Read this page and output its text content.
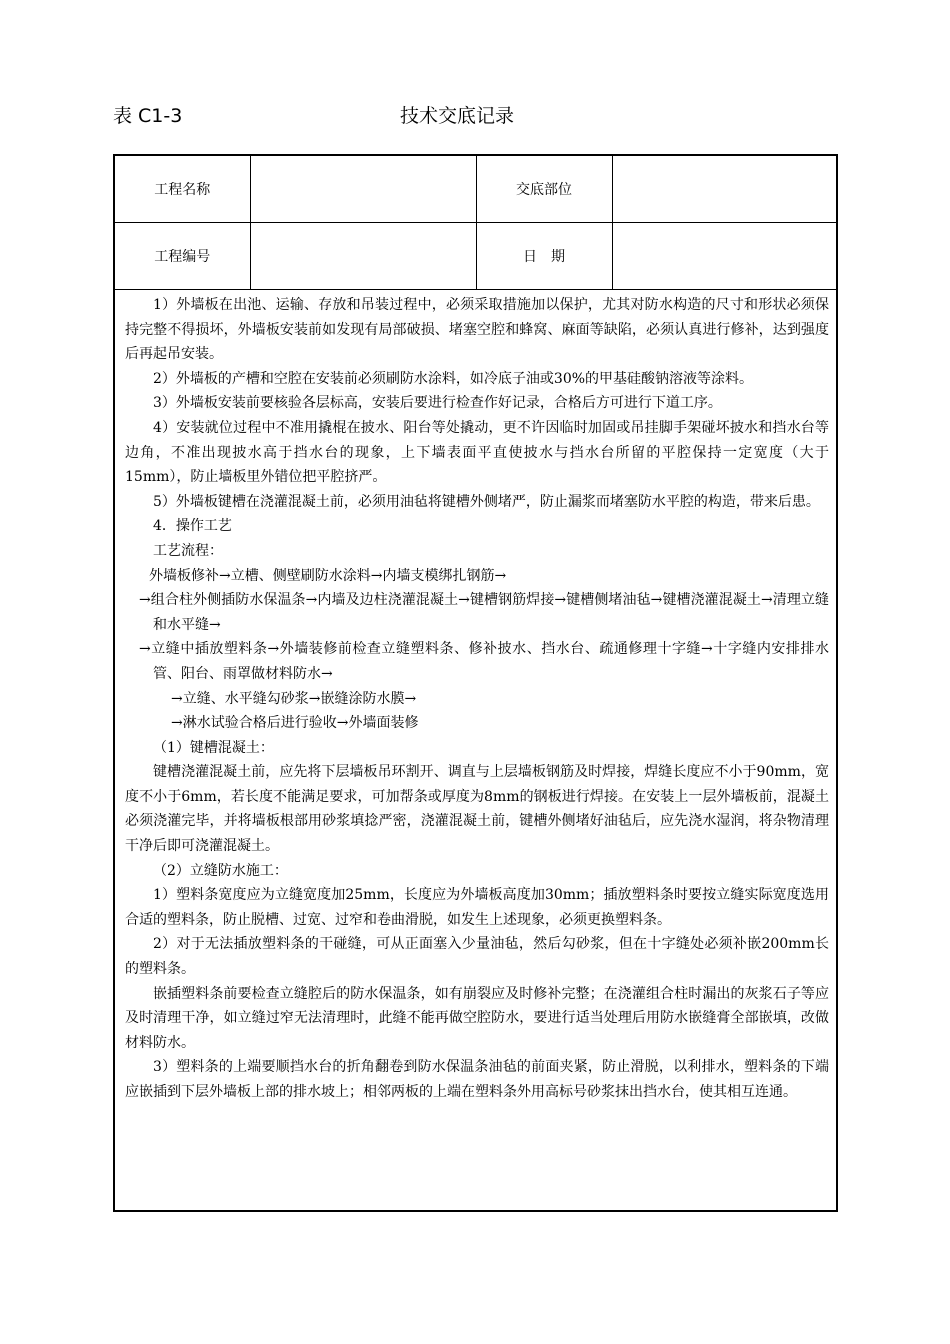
表 C1-3	技术交底记录
工程名称		交底部位	
工程编号		日　期	

1）外墙板在出池、运输、存放和吊装过程中，必须采取措施加以保护，尤其对防水构造的尺寸和形状必须保持完整不得损坏，外墙板安装前如发现有局部破损、堵塞空腔和蜂窝、麻面等缺陷，必须认真进行修补，达到强度后再起吊安装。

2）外墙板的产槽和空腔在安装前必须刷防水涂料，如冷底子油或30%的甲基硅酸钠溶液等涂料。

3）外墙板安装前要核验各层标高，安装后要进行检查作好记录，合格后方可进行下道工序。

4）安装就位过程中不准用撬棍在披水、阳台等处撬动，更不许因临时加固或吊挂脚手架碰坏披水和挡水台等边角，不准出现披水高于挡水台的现象，上下墙表面平直使披水与挡水台所留的平腔保持一定宽度（大于15mm），防止墙板里外错位把平腔挤严。

5）外墙板键槽在浇灌混凝土前，必须用油毡将键槽外侧堵严，防止漏浆而堵塞防水平腔的构造，带来后患。

4．操作工艺

工艺流程：

外墙板修补→立槽、侧壁刷防水涂料→内墙支模绑扎钢筋→

→组合柱外侧插防水保温条→内墙及边柱浇灌混凝土→键槽钢筋焊接→键槽侧堵油毡→键槽浇灌混凝土→清理立缝和水平缝→

→立缝中插放塑料条→外墙装修前检查立缝塑料条、修补披水、挡水台、疏通修理十字缝→十字缝内安排排水管、阳台、雨罩做材料防水→

→立缝、水平缝勾砂浆→嵌缝涂防水膜→

→淋水试验合格后进行验收→外墙面装修

（1）键槽混凝土：

键槽浇灌混凝土前，应先将下层墙板吊环割开、调直与上层墙板钢筋及时焊接，焊缝长度应不小于90mm，宽度不小于6mm，若长度不能满足要求，可加帮条或厚度为8mm的钢板进行焊接。在安装上一层外墙板前，混凝土必须浇灌完毕，并将墙板根部用砂浆填捻严密，浇灌混凝土前，键槽外侧堵好油毡后，应先浇水湿润，将杂物清理干净后即可浇灌混凝土。

（2）立缝防水施工：

1）塑料条宽度应为立缝宽度加25mm，长度应为外墙板高度加30mm；插放塑料条时要按立缝实际宽度选用合适的塑料条，防止脱槽、过宽、过窄和卷曲滑脱，如发生上述现象，必须更换塑料条。

2）对于无法插放塑料条的干碰缝，可从正面塞入少量油毡，然后勾砂浆，但在十字缝处必须补嵌200mm长的塑料条。

嵌插塑料条前要检查立缝腔后的防水保温条，如有崩裂应及时修补完整；在浇灌组合柱时漏出的灰浆石子等应及时清理干净，如立缝过窄无法清理时，此缝不能再做空腔防水，要进行适当处理后用防水嵌缝膏全部嵌填，改做材料防水。

3）塑料条的上端要顺挡水台的折角翻卷到防水保温条油毡的前面夹紧，防止滑脱，以利排水，塑料条的下端应嵌插到下层外墙板上部的排水坡上；相邻两板的上端在塑料条外用高标号砂浆抹出挡水台，使其相互连通。
